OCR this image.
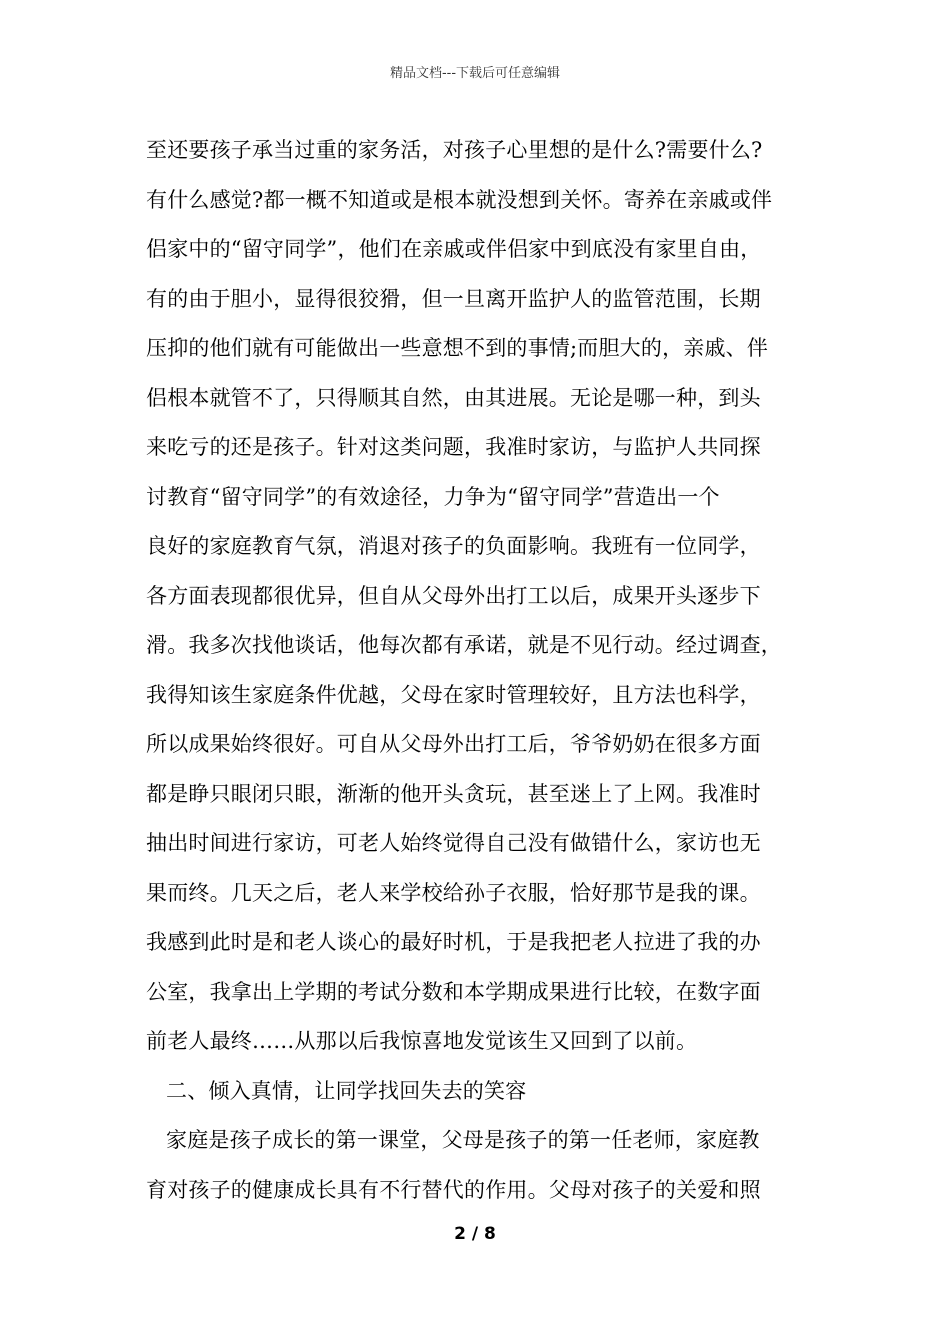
精品文档---下载后可任意编辑
至还要孩子承当过重的家务活，对孩子心里想的是什么?需要什么?
有什么感觉?都一概不知道或是根本就没想到关怀。寄养在亲戚或伴
侣家中的“留守同学”，他们在亲戚或伴侣家中到底没有家里自由，
有的由于胆小，显得很狡猾，但一旦离开监护人的监管范围，长期
压抑的他们就有可能做出一些意想不到的事情;而胆大的，亲戚、伴
侣根本就管不了，只得顺其自然，由其进展。无论是哪一种，到头
来吃亏的还是孩子。针对这类问题，我准时家访，与监护人共同探
讨教育“留守同学”的有效途径，力争为“留守同学”营造出一个
良好的家庭教育气氛，消退对孩子的负面影响。我班有一位同学，
各方面表现都很优异，但自从父母外出打工以后，成果开头逐步下
滑。我多次找他谈话，他每次都有承诺，就是不见行动。经过调查，
我得知该生家庭条件优越，父母在家时管理较好，且方法也科学，
所以成果始终很好。可自从父母外出打工后，爷爷奶奶在很多方面
都是睁只眼闭只眼，渐渐的他开头贪玩，甚至迷上了上网。我准时
抽出时间进行家访，可老人始终觉得自己没有做错什么，家访也无
果而终。几天之后，老人来学校给孙子衣服，恰好那节是我的课。
我感到此时是和老人谈心的最好时机，于是我把老人拉进了我的办
公室，我拿出上学期的考试分数和本学期成果进行比较，在数字面
前老人最终……从那以后我惊喜地发觉该生又回到了以前。
二、倾入真情，让同学找回失去的笑容
家庭是孩子成长的第一课堂，父母是孩子的第一任老师，家庭教
育对孩子的健康成长具有不行替代的作用。父母对孩子的关爱和照
2 / 8
